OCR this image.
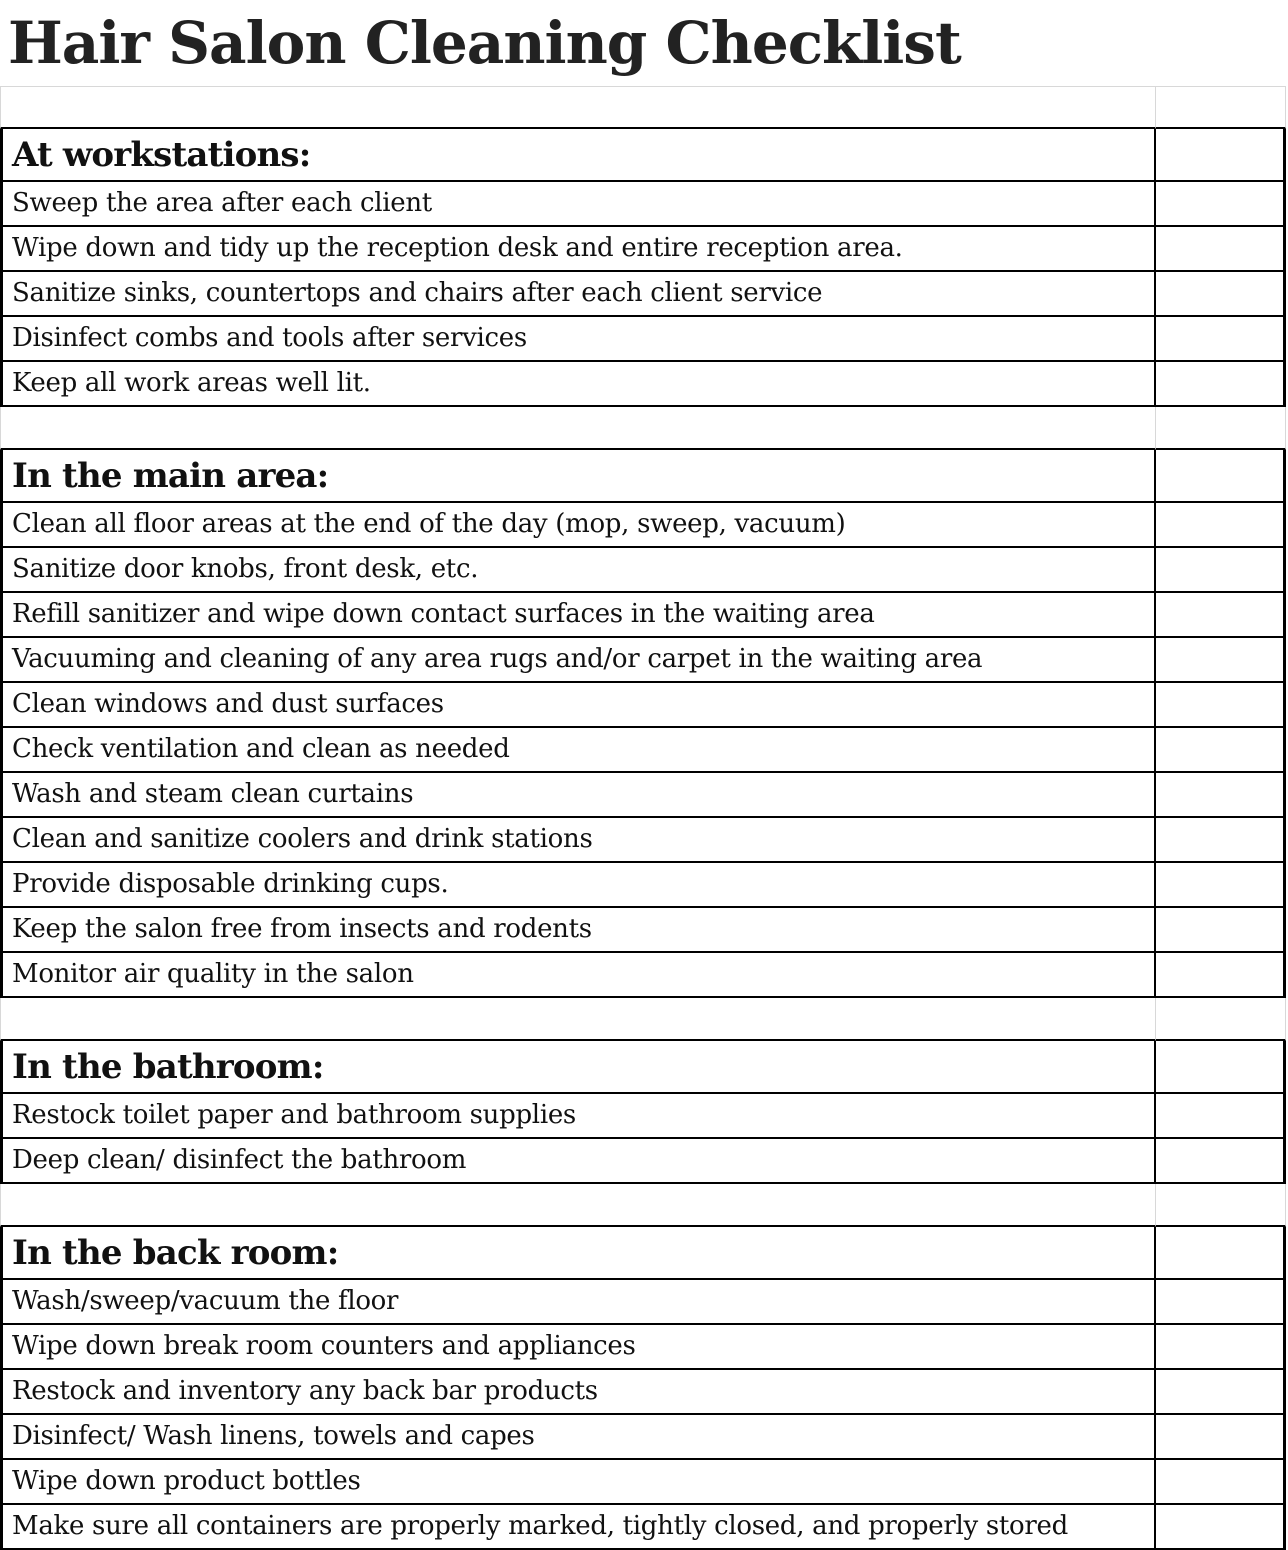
Hair Salon Cleaning Checklist
At workstations:
Sweep the area after each client
Wipe down and tidy up the reception desk and entire reception area.
Sanitize sinks, countertops and chairs after each client service
Disinfect combs and tools after services
Keep all work areas well lit.
In the main area:
Clean all floor areas at the end of the day (mop, sweep, vacuum)
Sanitize door knobs, front desk, etc.
Refill sanitizer and wipe down contact surfaces in the waiting area
Vacuuming and cleaning of any area rugs and/or carpet in the waiting area
Clean windows and dust surfaces
Check ventilation and clean as needed
Wash and steam clean curtains
Clean and sanitize coolers and drink stations
Provide disposable drinking cups.
Keep the salon free from insects and rodents
Monitor air quality in the salon
In the bathroom:
Restock toilet paper and bathroom supplies
Deep clean/ disinfect the bathroom
In the back room:
Wash/sweep/vacuum the floor
Wipe down break room counters and appliances
Restock and inventory any back bar products
Disinfect/ Wash linens, towels and capes
Wipe down product bottles
Make sure all containers are properly marked, tightly closed, and properly stored
